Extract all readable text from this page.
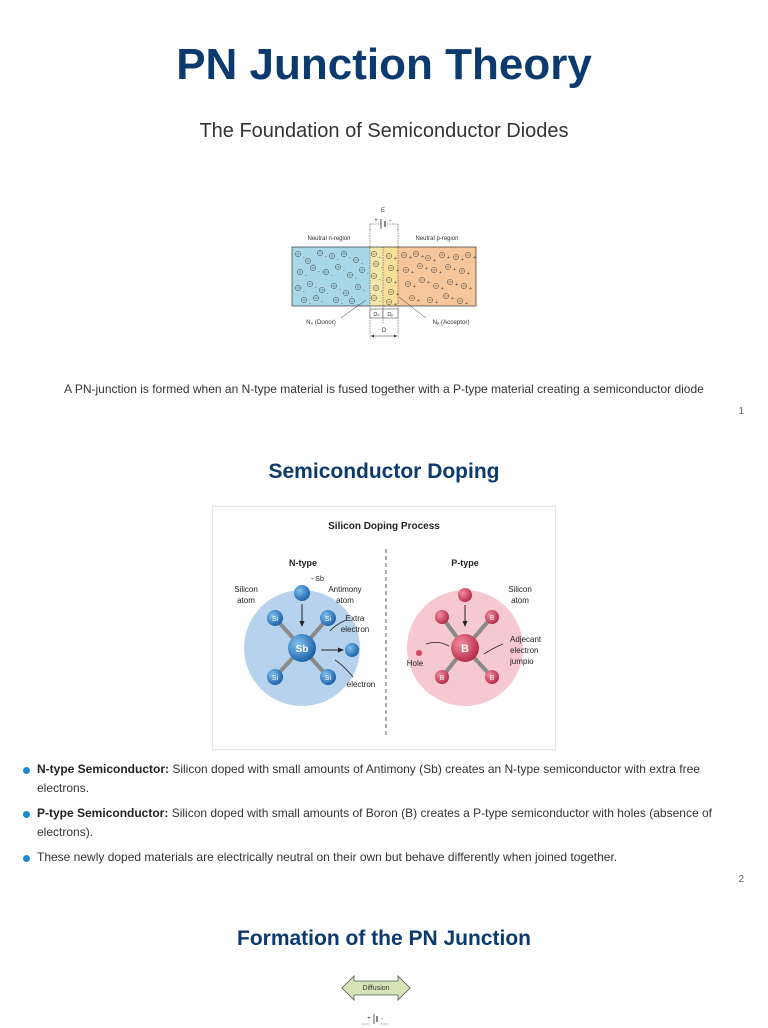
PN Junction Theory

The Foundation of Semiconductor Diodes

E
+ -
Neutral n-region	Neutral p-region
-
-
- - -
-
-
-
-
-
-
-
-
-
-
-
-
-
- -	-	-
-
-
-
-
-
+
+
+
+
+
+ +
+ + + +
+
+
+ +
+
+
+
+
+
+
+	+
+
+
N₀ (Donor)	Nₐ (Acceptor)
Dₙ Dₚ
D
A PN-junction is formed when an N-type material is fused together with a P-type material creating a semiconductor diode
1
Semiconductor Doping
Silicon Doping Process
N-type	P-type
Si	Si
Si	Si
Sb
- Sb
Silicon
atom
Antimony
atom
Extra
electron
electron
B
B	B
B
Silicon
atom
Hole
Adjecant
electron
jumpio
N-type Semiconductor: Silicon doped with small amounts of Antimony (Sb) creates an N-type semiconductor with extra free electrons.
P-type Semiconductor: Silicon doped with small amounts of Boron (B) creates a P-type semiconductor with holes (absence of electrons).
These newly doped materials are electrically neutral on their own but behave differently when joined together.
2
Formation of the PN Junction
Diffusion
+ -
